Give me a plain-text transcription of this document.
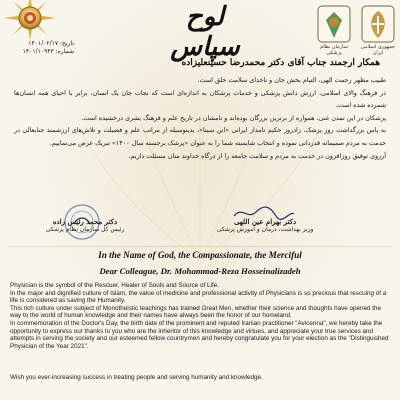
سازمان نظام پزشکی
جمهوری اسلامی ایران
لوح سپاس
تاریخ: ۱۴۰۱/۰۲/۱۷
شماره: ۱۴۰۱/۱۰۹۴۳
همکار ارجمند جناب آقای دکتر محمدرضا حسینعلیزاده

طبیب مظهر رحمت الهی، التیام بخش جان و ناخدای سلامت خلق است.

در فرهنگ والای اسلامی، ارزش دانش پزشکی و خدمات پزشکان به اندازه‌ای است که نجات جان یک انسان، برابر با احیای همه انسان‌ها شمرده شده است.

پزشکان در این تمدن غنی، همواره از برترین بزرگان بوده‌اند و نامشان در تاریخ علم و فرهنگ بشری درخشیده است.

به پاس بزرگداشت روز پزشک، زادروز حکیم نامدار ایرانی «ابن سینا»، بدینوسیله از مراتب علم و فضیلت و تلاش‌های ارزشمند جنابعالی در خدمت به مردم صمیمانه قدردانی نموده و انتخاب شایسته شما را به عنوان «پزشک برجسته سال ۱۴۰۰» تبریک عرض می‌نماییم.

آرزوی توفیق روزافزون در خدمت به مردم و سلامت جامعه را از درگاه خداوند منان مسئلت داریم.

دکتر محمد رئیس زاده
رئیس کل سازمان نظام پزشکی
دکتر بهرام عین اللهی
وزیر بهداشت، درمان و آموزش پزشکی
In the Name of God, the Compassionate, the Merciful
Dear Colleague, Dr. Mohammad-Reza Hosseinalizadeh

Physician is the symbol of the Rescuer, Healer of Souls and Source of Life.

In the major and dignified culture of Islam, the value of medicine and professional activity of Physicians is so precious that rescuing of a life is considered as saving the Humanity.

This rich culture under subject of Monotheistic teachings has trained Great Men, whether their science and thoughts have opened the way to the world of human knowledge and their names have always been the honor of our homeland.

In commemoration of the Doctor's Day, the birth date of the prominent and reputed Iranian practitioner "Avicenna", we hereby take the opportunity to express our thanks to you who are the inheritor of this knowledge and virtues, and appreciate your true services and attempts in serving the society and our esteemed fellow countrymen and hereby congratulate you for your election as the "Distinguished Physician of the Year 2021".

Wish you ever-increasing success in treating people and serving humanity and knowledge.
